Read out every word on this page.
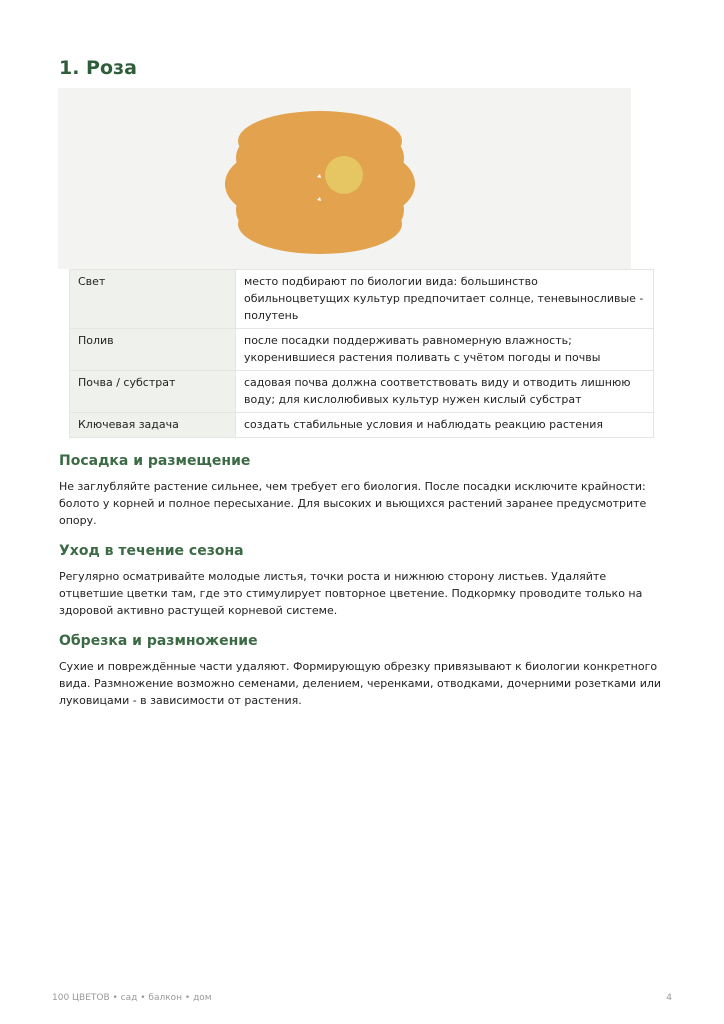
1. Роза
Свет	место подбирают по биологии вида: большинство обильноцветущих культур предпочитает солнце, теневыносливые - полутень
Полив	после посадки поддерживать равномерную влажность; укоренившиеся растения поливать с учётом погоды и почвы
Почва / субстрат	садовая почва должна соответствовать виду и отводить лишнюю воду; для кислолюбивых культур нужен кислый субстрат
Ключевая задача	создать стабильные условия и наблюдать реакцию растения
Посадка и размещение

Не заглубляйте растение сильнее, чем требует его биология. После посадки исключите крайности: болото у корней и полное пересыхание. Для высоких и вьющихся растений заранее предусмотрите опору.

Уход в течение сезона

Регулярно осматривайте молодые листья, точки роста и нижнюю сторону листьев. Удаляйте отцветшие цветки там, где это стимулирует повторное цветение. Подкормку проводите только на здоровой активно растущей корневой системе.

Обрезка и размножение

Сухие и повреждённые части удаляют. Формирующую обрезку привязывают к биологии конкретного вида. Размножение возможно семенами, делением, черенками, отводками, дочерними розетками или луковицами - в зависимости от растения.

100 ЦВЕТОВ • сад • балкон • дом	4
